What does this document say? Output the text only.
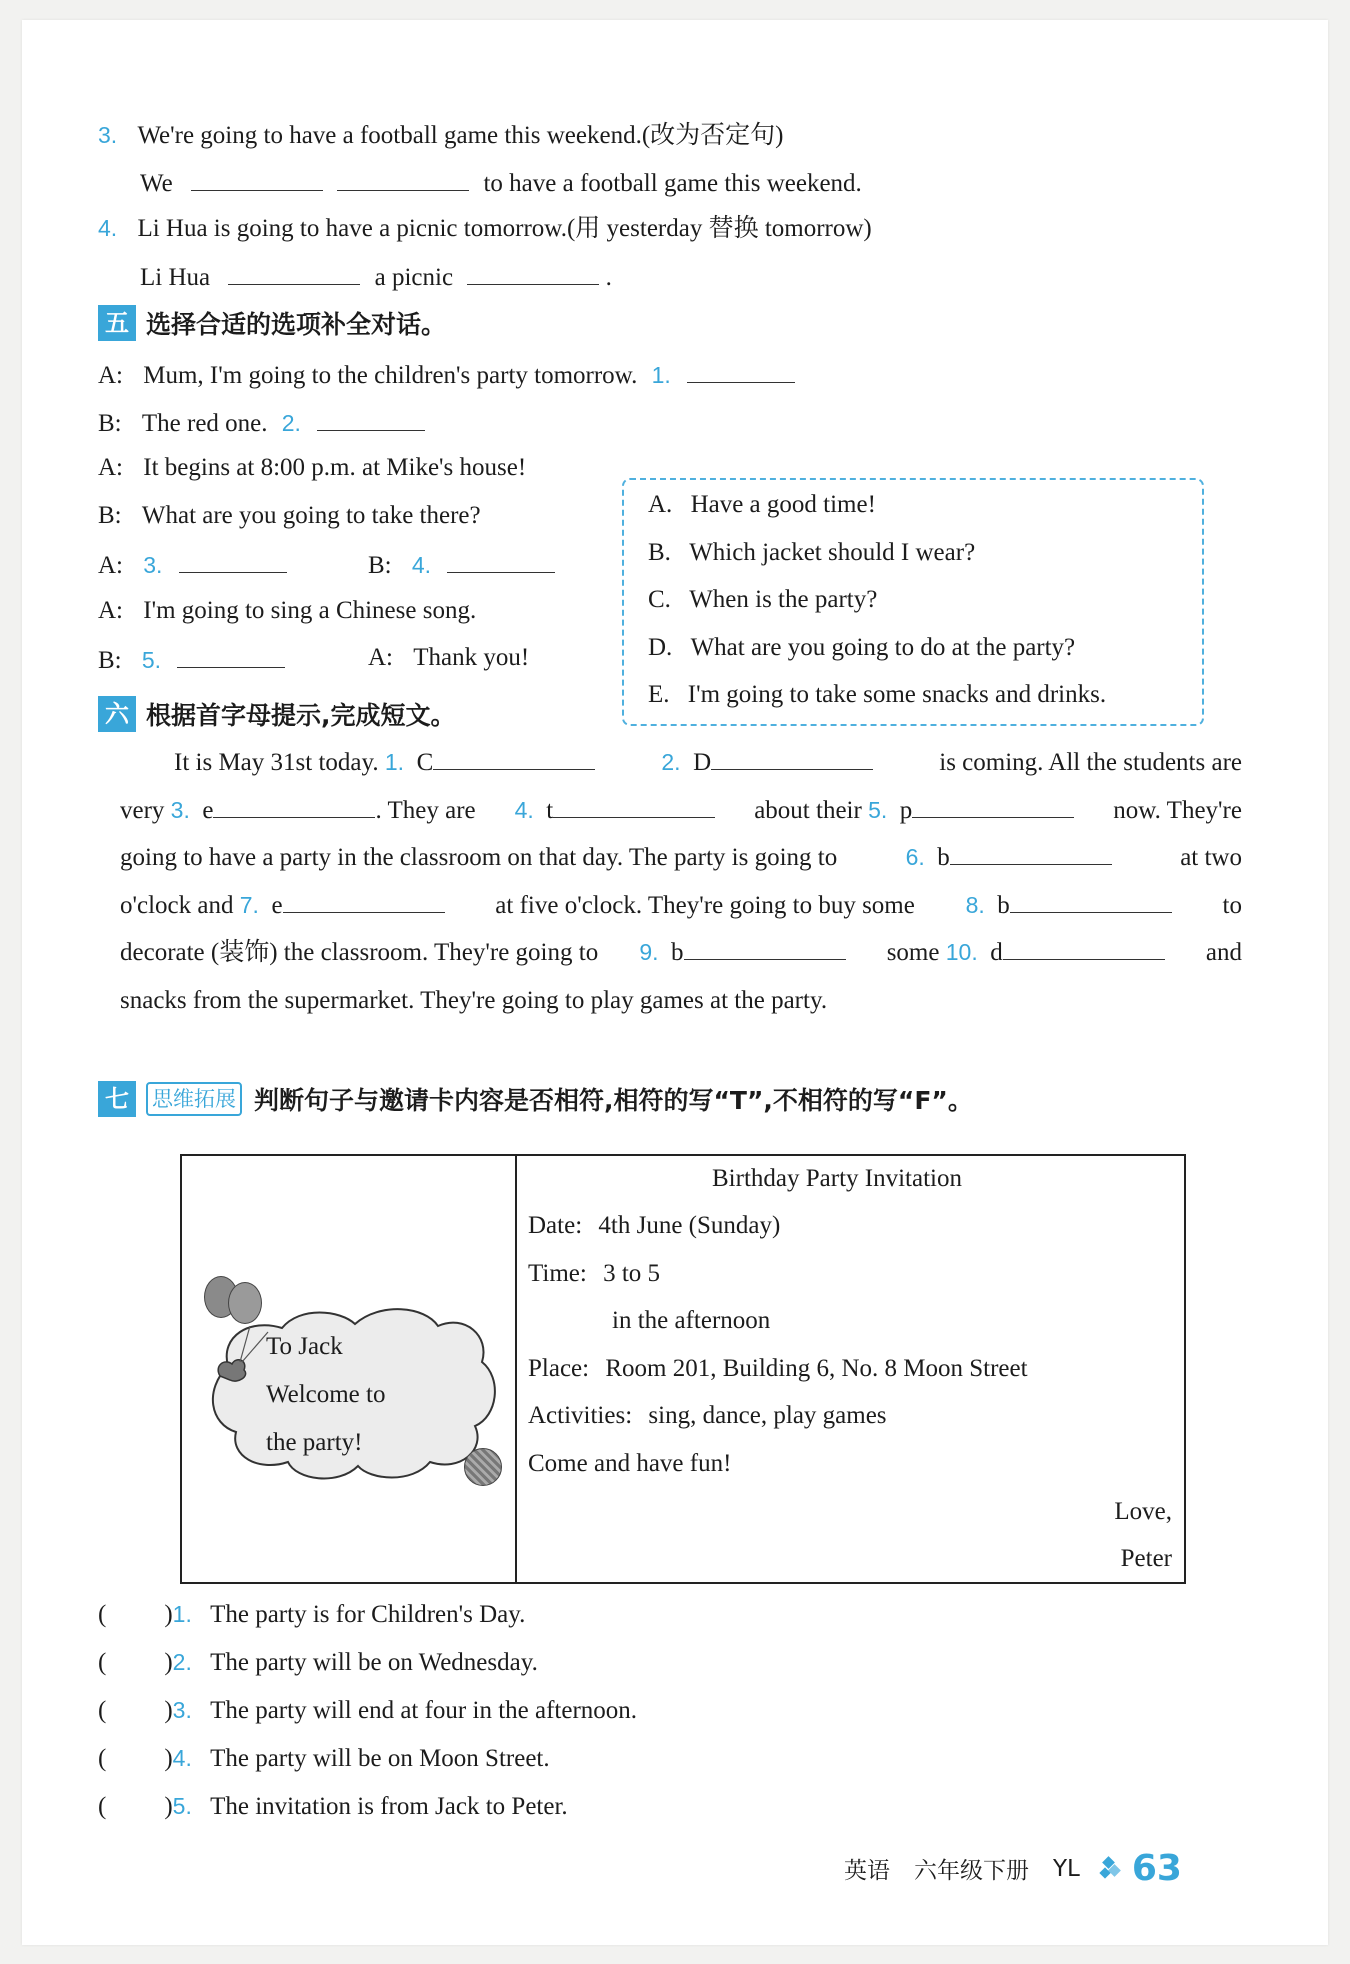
3. We're going to have a football game this weekend.(改为否定句)
We	to have a football game this weekend.
4. Li Hua is going to have a picnic tomorrow.(用 yesterday 替换 tomorrow)
Li Hua	a picnic	.
五 选择合适的选项补全对话。
A: Mum, I'm going to the children's party tomorrow. 1.
B: The red one. 2.
A: It begins at 8:00 p.m. at Mike's house!
B: What are you going to take there?
A: 3.	B: 4.
A: I'm going to sing a Chinese song.
B: 5.	A: Thank you!
A. Have a good time!
B. Which jacket should I wear?
C. When is the party?
D. What are you going to do at the party?
E. I'm going to take some snacks and drinks.
六 根据首字母提示,完成短文。
It is May 31st today. 1. C	2. D	is coming. All the students are
very 3. e	. They are 4. t	about their 5. p	now. They're
going to have a party in the classroom on that day. The party is going to	6. b	at two
o'clock and 7. e	at five o'clock. They're going to buy some 8. b	to
decorate (装饰) the classroom. They're going to 9. b	some 10. d	and
snacks from the supermarket. They're going to play games at the party.
七 思维拓展 判断句子与邀请卡内容是否相符,相符的写“T”,不相符的写“F”。
To Jack
Welcome to
the party!
Birthday Party Invitation
Date: 4th June (Sunday)
Time: 3 to 5
in the afternoon
Place: Room 201, Building 6, No. 8 Moon Street
Activities: sing, dance, play games
Come and have fun!
Love,
Peter
( )1. The party is for Children's Day.
( )2. The party will be on Wednesday.
( )3. The party will end at four in the afternoon.
( )4. The party will be on Moon Street.
( )5. The invitation is from Jack to Peter.
英语 六年级下册 YL 63
